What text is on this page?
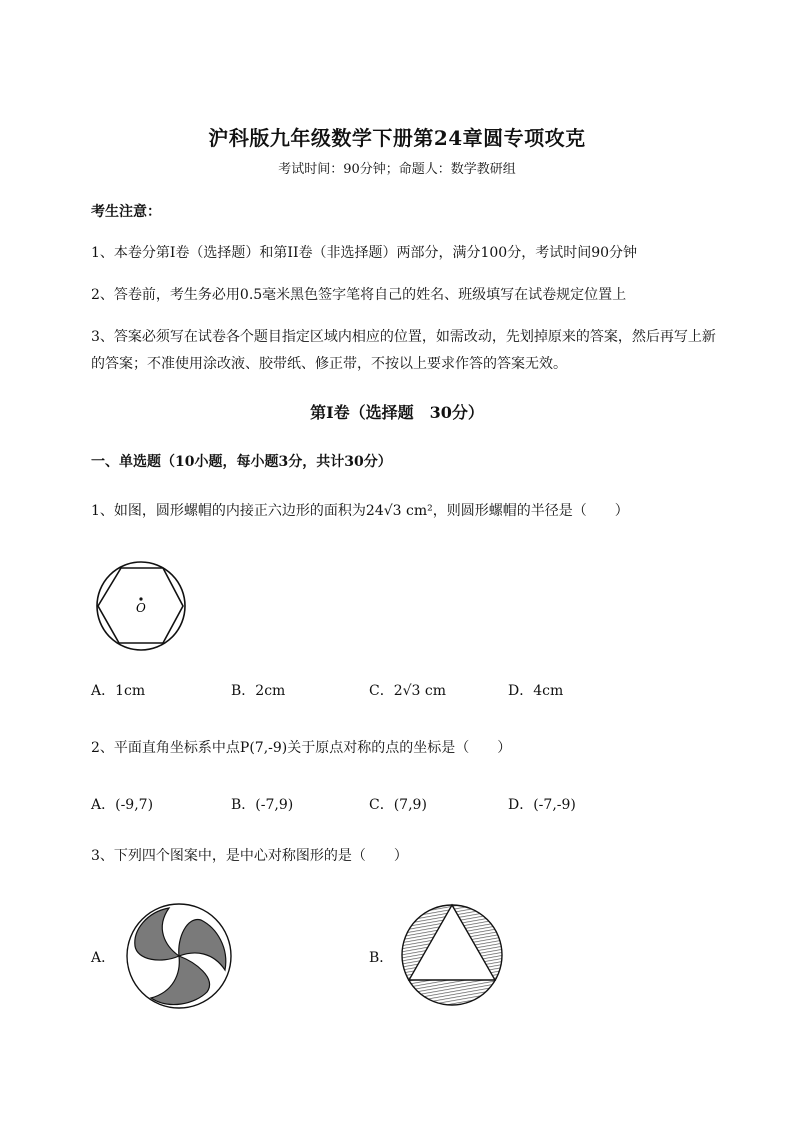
沪科版九年级数学下册第24章圆专项攻克
考试时间：90分钟；命题人：数学教研组
考生注意：
1、本卷分第I卷（选择题）和第II卷（非选择题）两部分，满分100分，考试时间90分钟
2、答卷前，考生务必用0.5毫米黑色签字笔将自己的姓名、班级填写在试卷规定位置上
3、答案必须写在试卷各个题目指定区域内相应的位置，如需改动，先划掉原来的答案，然后再写上新
的答案；不准使用涂改液、胶带纸、修正带，不按以上要求作答的答案无效。
第I卷（选择题　30分）
一、单选题（10小题，每小题3分，共计30分）
1、如图，圆形螺帽的内接正六边形的面积为24√3 cm²，则圆形螺帽的半径是（　　）
O
A．1cm	B．2cm	C．2√3 cm	D．4cm
2、平面直角坐标系中点P(7,-9)关于原点对称的点的坐标是（　　）
A．(-9,7)	B．(-7,9)	C．(7,9)	D．(-7,-9)
3、下列四个图案中，是中心对称图形的是（　　）
A．	B．
